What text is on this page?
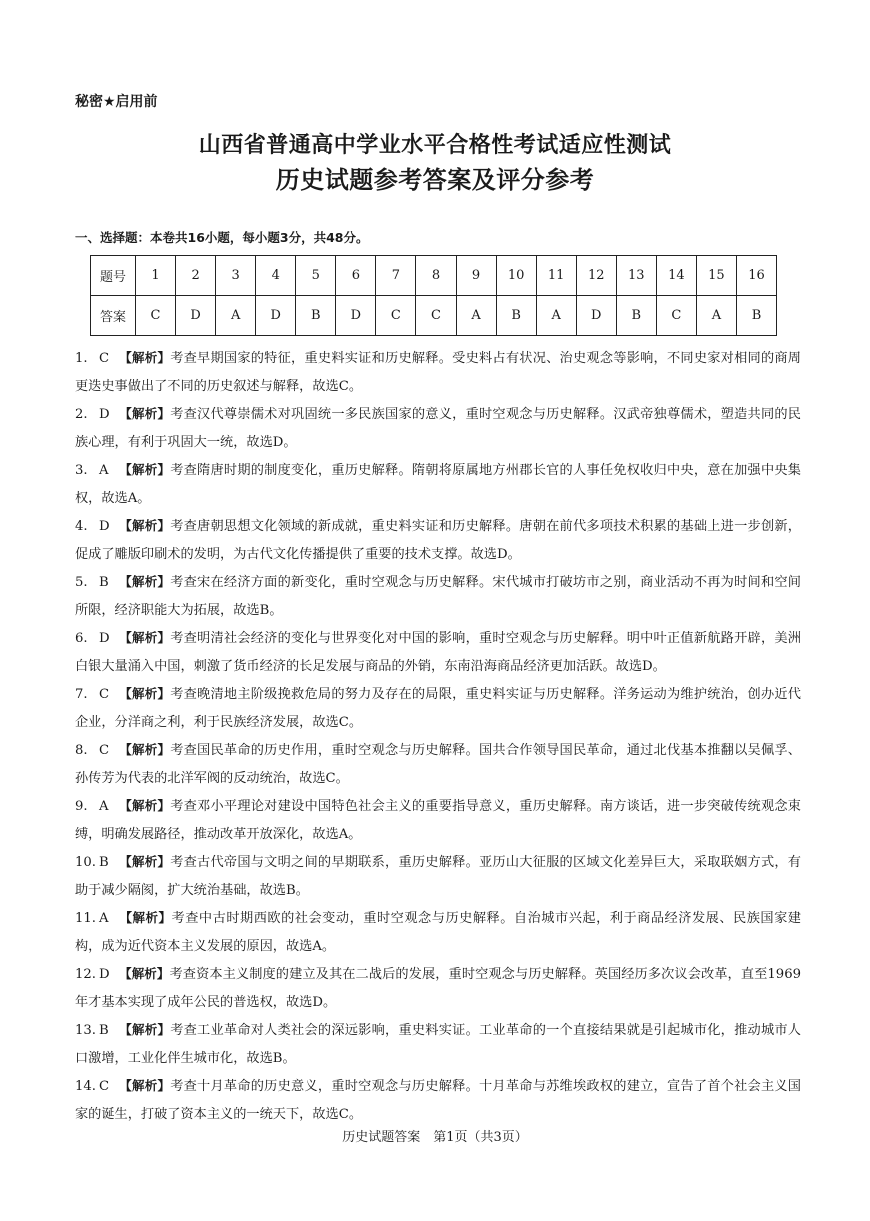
秘密★启用前
山西省普通高中学业水平合格性考试适应性测试
历史试题参考答案及评分参考
一、选择题：本卷共16小题，每小题3分，共48分。
题号	1	2	3	4	5	6	7	8	9	10	11	12	13	14	15	16
答案	C	D	A	D	B	D	C	C	A	B	A	D	B	C	A	B
1. C 【解析】考查早期国家的特征，重史料实证和历史解释。受史料占有状况、治史观念等影响，不同史家对相同的商周更迭史事做出了不同的历史叙述与解释，故选C。
2. D 【解析】考查汉代尊崇儒术对巩固统一多民族国家的意义，重时空观念与历史解释。汉武帝独尊儒术，塑造共同的民族心理，有利于巩固大一统，故选D。
3. A 【解析】考查隋唐时期的制度变化，重历史解释。隋朝将原属地方州郡长官的人事任免权收归中央，意在加强中央集权，故选A。
4. D 【解析】考查唐朝思想文化领域的新成就，重史料实证和历史解释。唐朝在前代多项技术积累的基础上进一步创新，促成了雕版印刷术的发明，为古代文化传播提供了重要的技术支撑。故选D。
5. B 【解析】考查宋在经济方面的新变化，重时空观念与历史解释。宋代城市打破坊市之别，商业活动不再为时间和空间所限，经济职能大为拓展，故选B。
6. D 【解析】考查明清社会经济的变化与世界变化对中国的影响，重时空观念与历史解释。明中叶正值新航路开辟，美洲白银大量涌入中国，刺激了货币经济的长足发展与商品的外销，东南沿海商品经济更加活跃。故选D。
7. C 【解析】考查晚清地主阶级挽救危局的努力及存在的局限，重史料实证与历史解释。洋务运动为维护统治，创办近代企业，分洋商之利，利于民族经济发展，故选C。
8. C 【解析】考查国民革命的历史作用，重时空观念与历史解释。国共合作领导国民革命，通过北伐基本推翻以吴佩孚、孙传芳为代表的北洋军阀的反动统治，故选C。
9. A 【解析】考查邓小平理论对建设中国特色社会主义的重要指导意义，重历史解释。南方谈话，进一步突破传统观念束缚，明确发展路径，推动改革开放深化，故选A。
10. B 【解析】考查古代帝国与文明之间的早期联系，重历史解释。亚历山大征服的区域文化差异巨大，采取联姻方式，有助于减少隔阂，扩大统治基础，故选B。
11. A 【解析】考查中古时期西欧的社会变动，重时空观念与历史解释。自治城市兴起，利于商品经济发展、民族国家建构，成为近代资本主义发展的原因，故选A。
12. D 【解析】考查资本主义制度的建立及其在二战后的发展，重时空观念与历史解释。英国经历多次议会改革，直至1969年才基本实现了成年公民的普选权，故选D。
13. B 【解析】考查工业革命对人类社会的深远影响，重史料实证。工业革命的一个直接结果就是引起城市化，推动城市人口激增，工业化伴生城市化，故选B。
14. C 【解析】考查十月革命的历史意义，重时空观念与历史解释。十月革命与苏维埃政权的建立，宣告了首个社会主义国家的诞生，打破了资本主义的一统天下，故选C。
历史试题答案　第1页（共3页）
